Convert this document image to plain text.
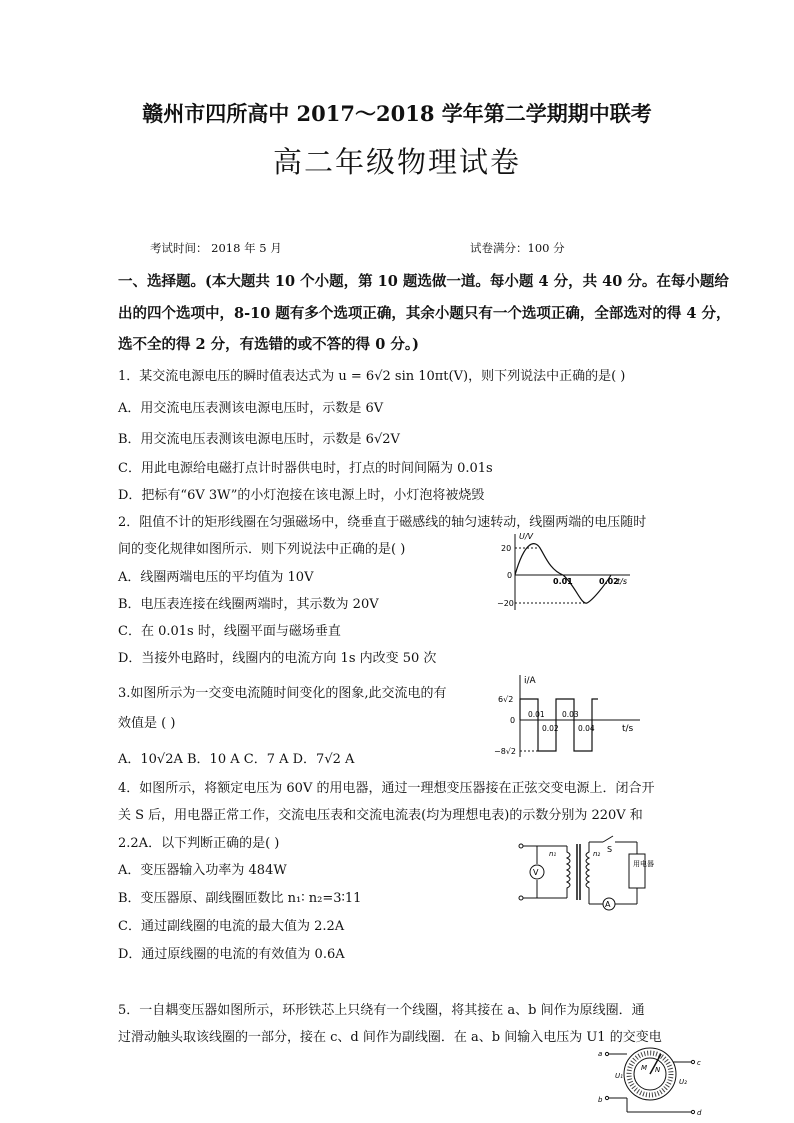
赣州市四所高中 2017～2018 学年第二学期期中联考
高二年级物理试卷
考试时间： 2018 年 5 月	试卷满分：100 分
一、选择题。(本大题共 10 个小题，第 10 题选做一道。每小题 4 分，共 40 分。在每小题给
出的四个选项中，8-10 题有多个选项正确，其余小题只有一个选项正确，全部选对的得 4 分，
选不全的得 2 分，有选错的或不答的得 0 分。)
1．某交流电源电压的瞬时值表达式为 u = 6√2 sin 10πt(V)，则下列说法中正确的是( )
A．用交流电压表测该电源电压时，示数是 6V
B．用交流电压表测该电源电压时，示数是 6√2V
C．用此电源给电磁打点计时器供电时，打点的时间间隔为 0.01s
D．把标有“6V 3W”的小灯泡接在该电源上时，小灯泡将被烧毁
2．阻值不计的矩形线圈在匀强磁场中，绕垂直于磁感线的轴匀速转动，线圈两端的电压随时
间的变化规律如图所示．则下列说法中正确的是( )
A．线圈两端电压的平均值为 10V
B．电压表连接在线圈两端时，其示数为 20V
C．在 0.01s 时，线圈平面与磁场垂直
D．当接外电路时，线圈内的电流方向 1s 内改变 50 次
U/V
20
0
−20
0.01	0.02
t/s
3.如图所示为一交变电流随时间变化的图象,此交流电的有
效值是 ( )
A．10√2A B．10 A C．7 A D．7√2 A
i/A
6√2
0
−8√2
0.01
0.02
0.03
0.04	t/s
4．如图所示，将额定电压为 60V 的用电器，通过一理想变压器接在正弦交变电源上．闭合开
关 S 后，用电器正常工作，交流电压表和交流电流表(均为理想电表)的示数分别为 220V 和
2.2A．以下判断正确的是( )
A．变压器输入功率为 484W
B．变压器原、副线圈匝数比 n₁∶ n₂=3∶11
C．通过副线圈的电流的最大值为 2.2A
D．通过原线圈的电流的有效值为 0.6A
V
n₁	n₂ S
用电器
A
5．一自耦变压器如图所示，环形铁芯上只绕有一个线圈，将其接在 a、b 间作为原线圈．通
过滑动触头取该线圈的一部分，接在 c、d 间作为副线圈．在 a、b 间输入电压为 U1 的交变电
M N
a
b
U₁
c
d
U₂
